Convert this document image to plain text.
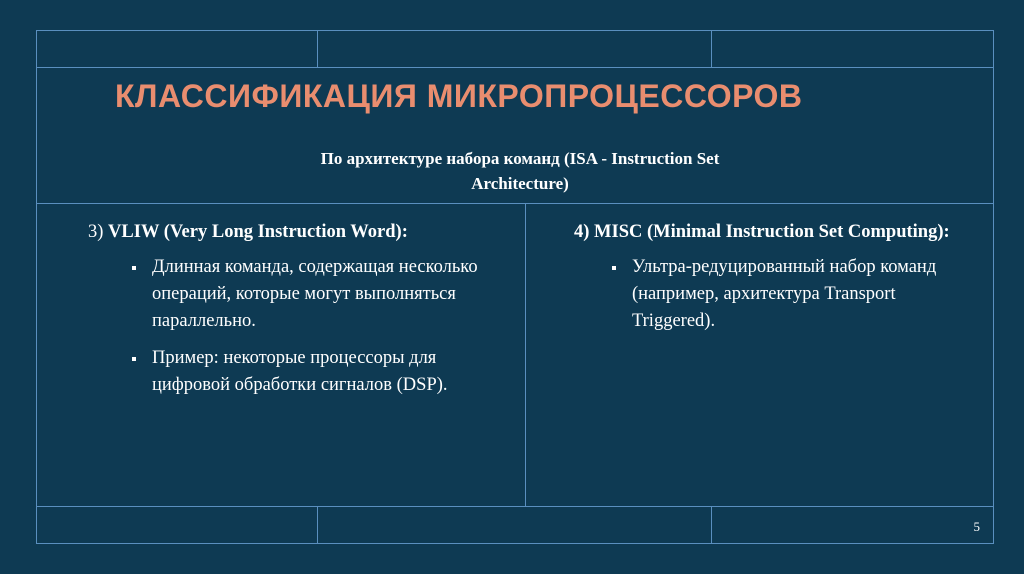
КЛАССИФИКАЦИЯ МИКРОПРОЦЕССОРОВ
По архитектуре набора команд (ISA - Instruction Set
Architecture)

3) VLIW (Very Long Instruction Word):

Длинная команда, содержащая несколько операций, которые могут выполняться параллельно.
Пример: некоторые процессоры для цифровой обработки сигналов (DSP).

4) MISC (Minimal Instruction Set Computing):

Ультра-редуцированный набор команд (например, архитектура Transport Triggered).
5
